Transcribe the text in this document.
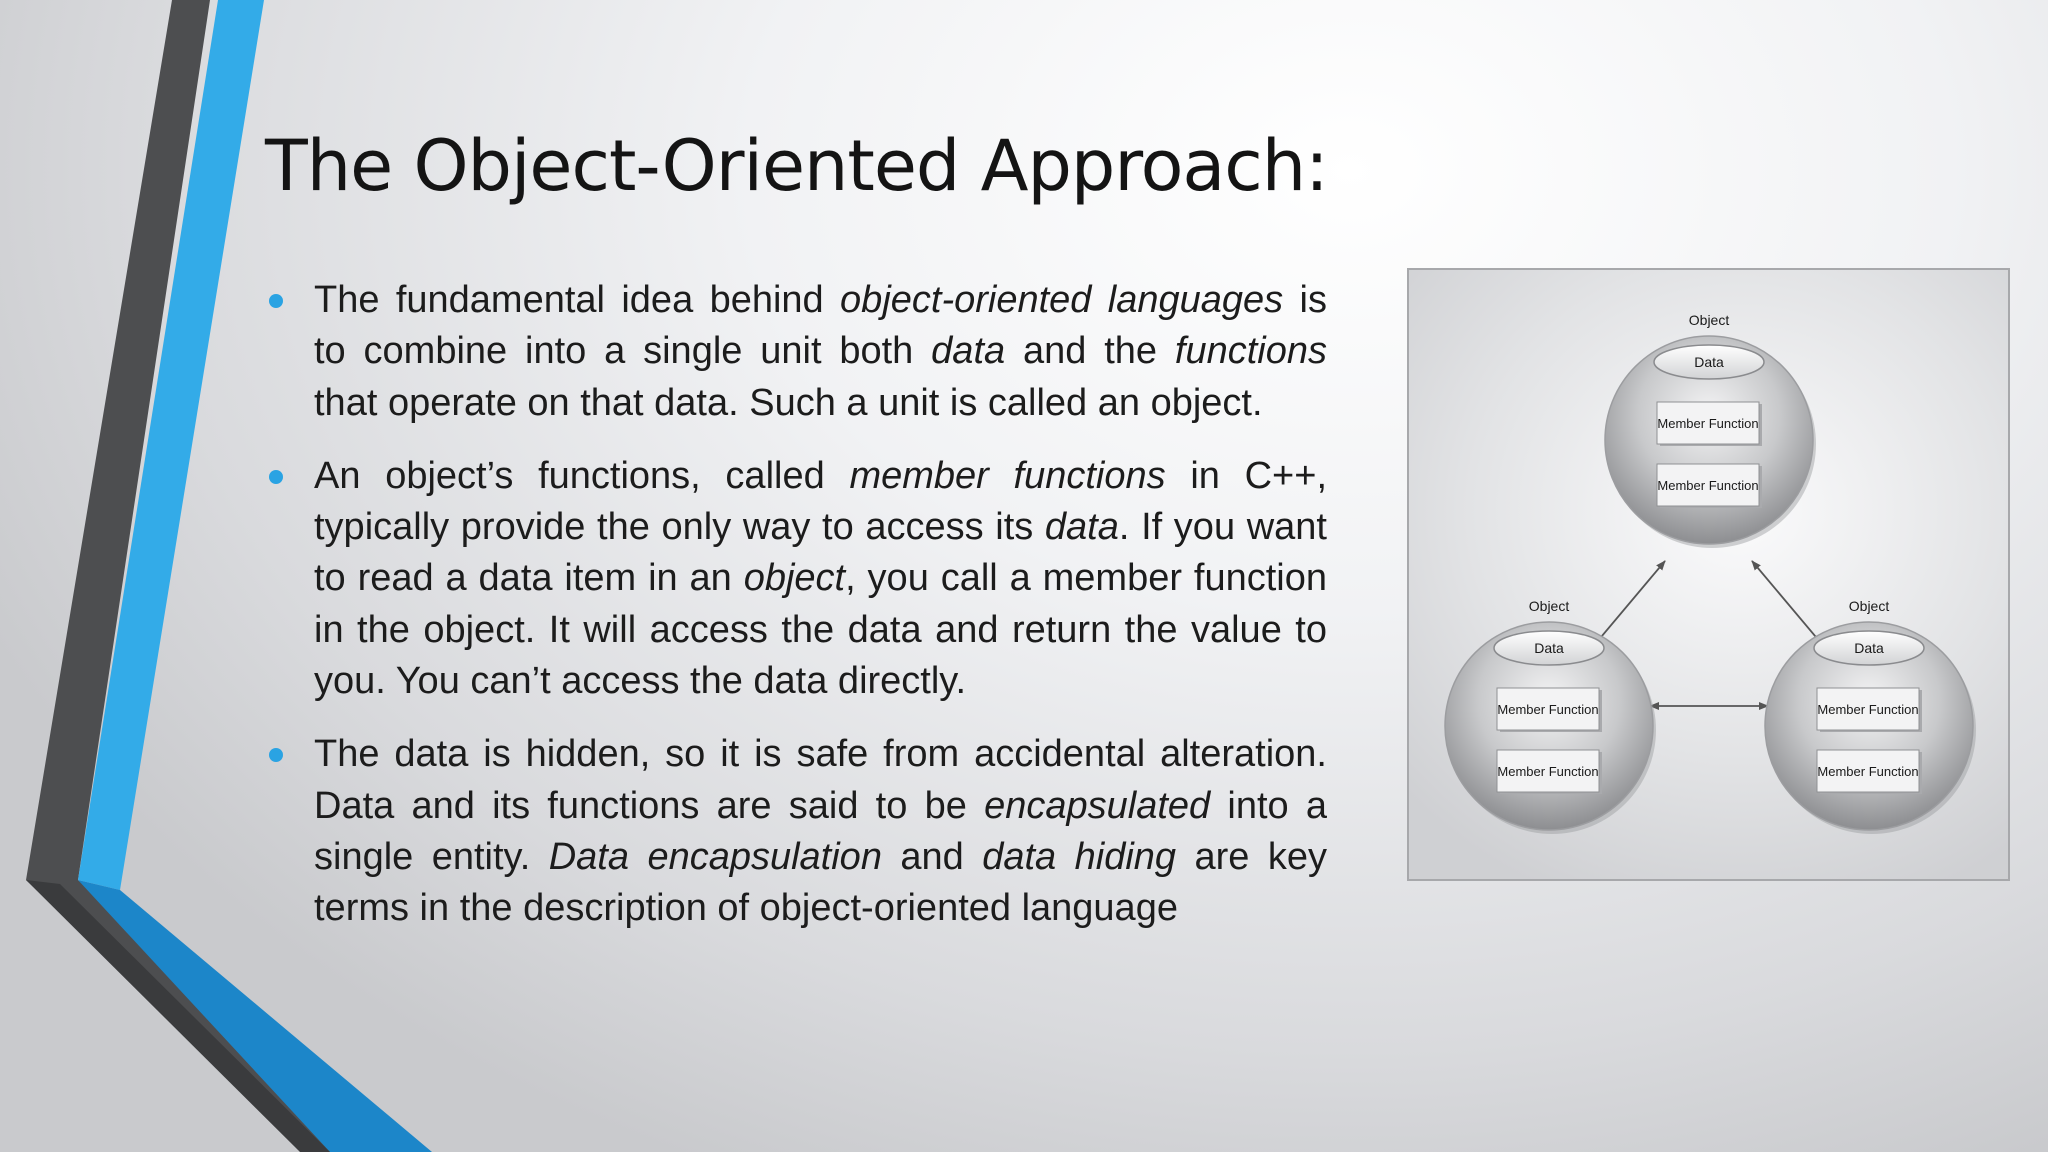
The Object-Oriented Approach:
The fundamental idea behind object-oriented languages is to combine into a single unit both data and the functions that operate on that data. Such a unit is called an object.
An object’s functions, called member functions in C++, typically provide the only way to access its data. If you want to read a data item in an object, you call a member function in the object. It will access the data and return the value to you. You can’t access the data directly.
The data is hidden, so it is safe from accidental alteration. Data and its functions are said to be encapsulated into a single entity. Data encapsulation and data hiding are key terms in the description of object-oriented language
Object
Data
Member Function
Member Function
Object
Data
Member Function
Member Function
Object
Data
Member Function
Member Function
